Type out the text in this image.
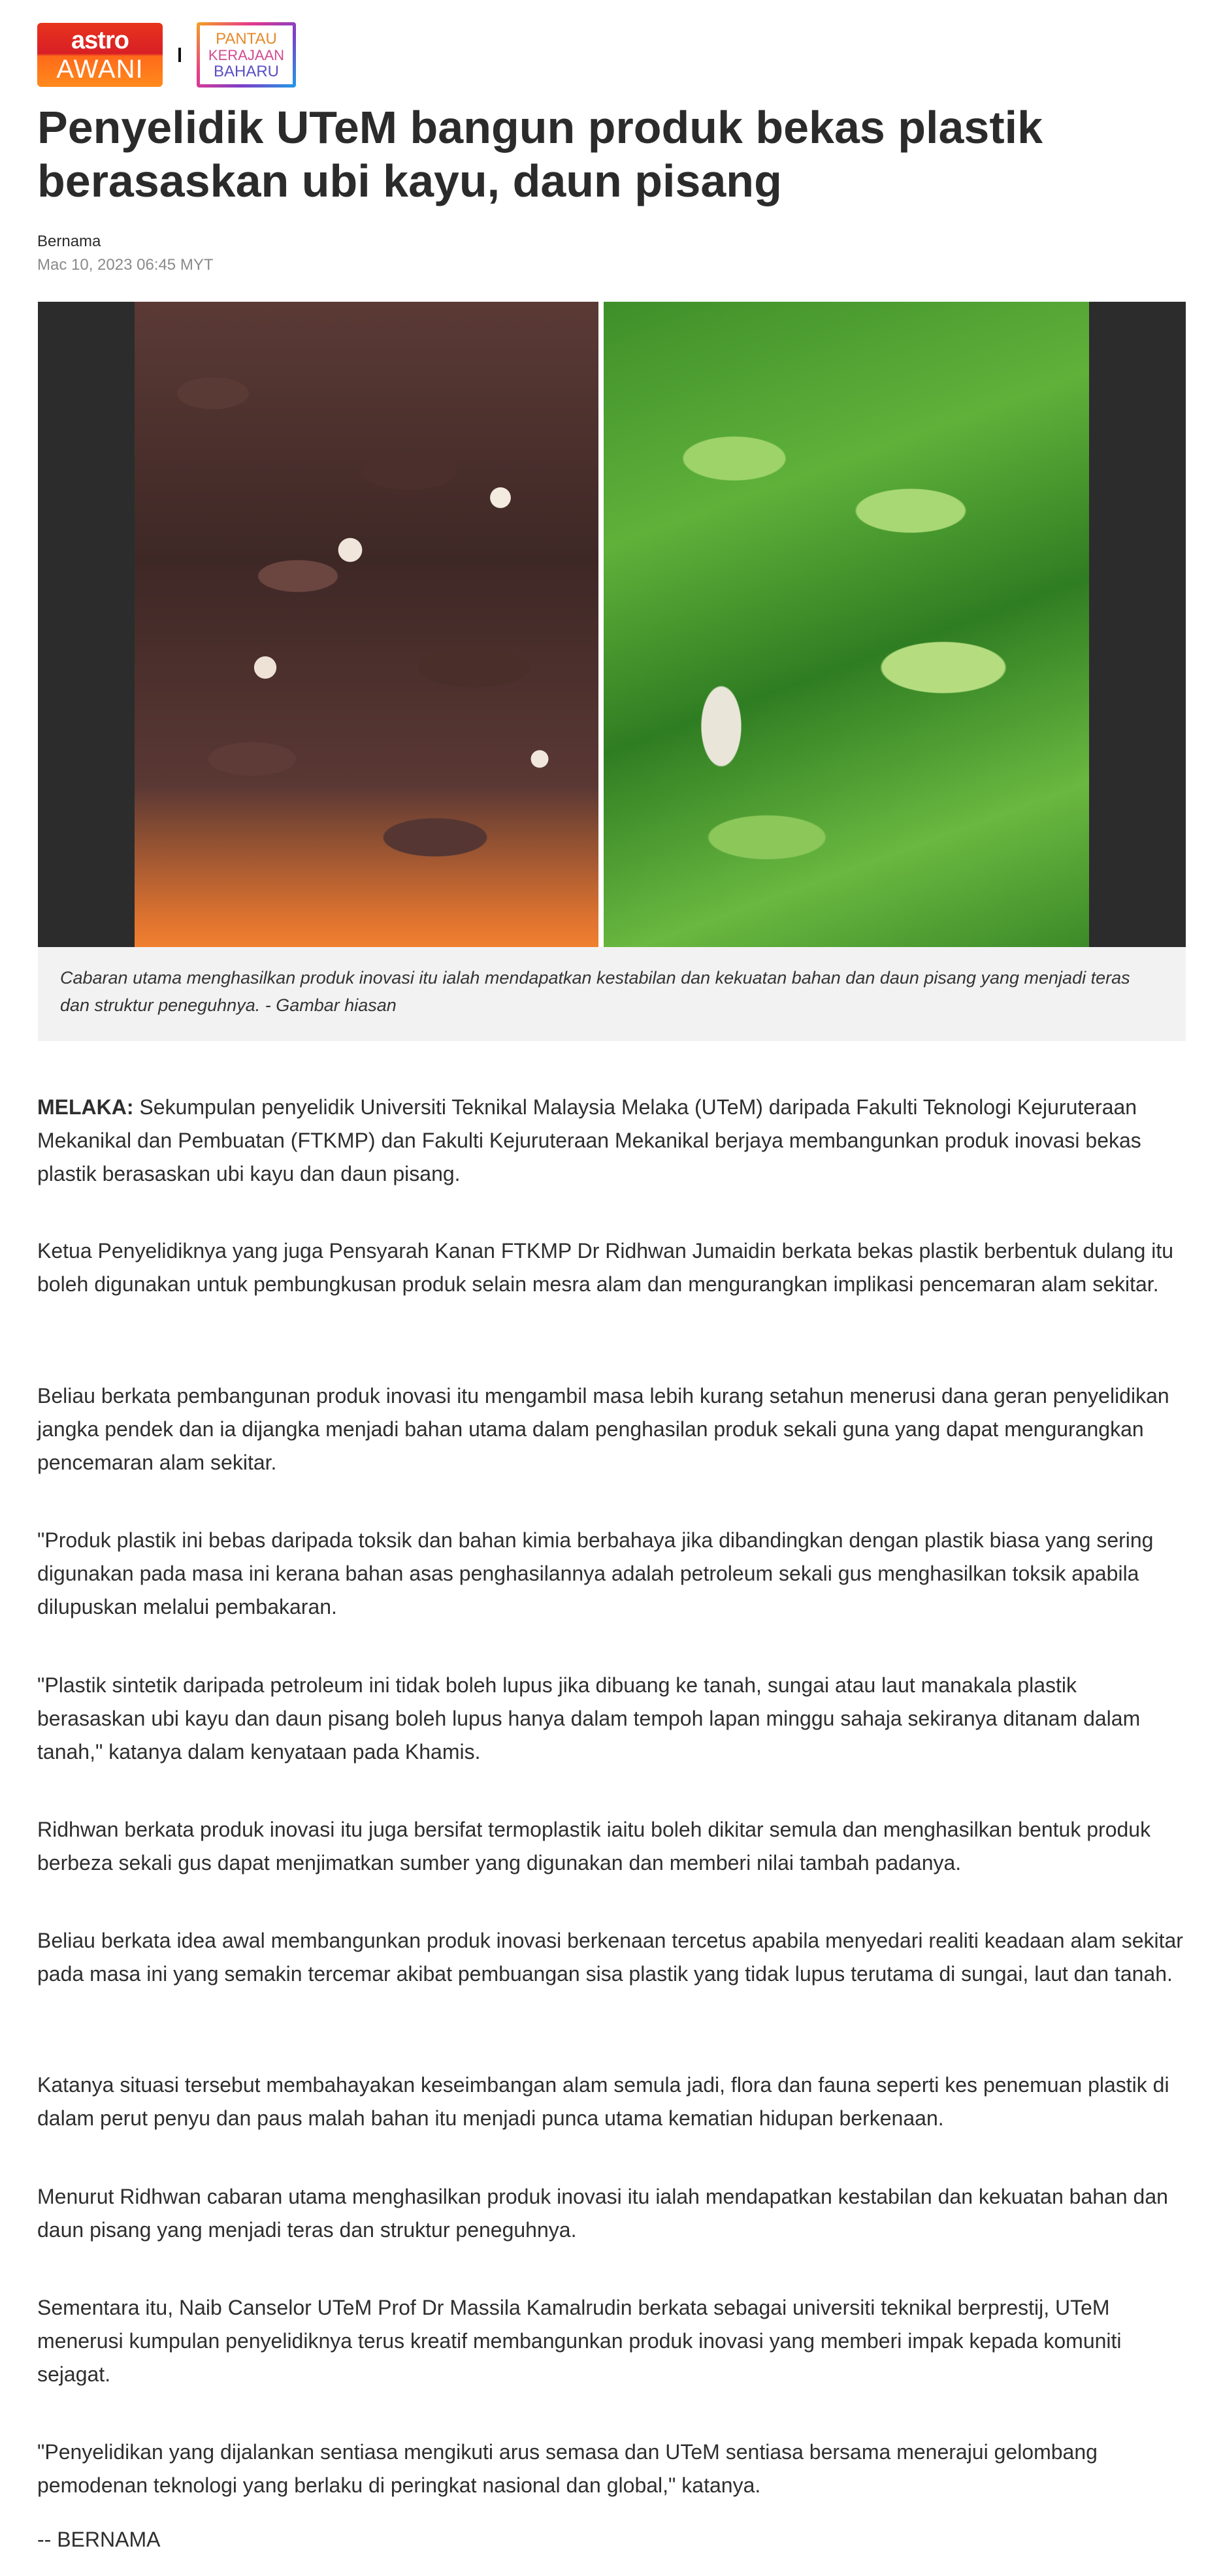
astro
AWANI
PANTAU
KERAJAAN
BAHARU
Penyelidik UTeM bangun produk bekas plastik berasaskan ubi kayu, daun pisang
Bernama
Mac 10, 2023 06:45 MYT
Cabaran utama menghasilkan produk inovasi itu ialah mendapatkan kestabilan dan kekuatan bahan dan daun pisang yang menjadi teras dan struktur peneguhnya. - Gambar hiasan

MELAKA: Sekumpulan penyelidik Universiti Teknikal Malaysia Melaka (UTeM) daripada Fakulti Teknologi Kejuruteraan Mekanikal dan Pembuatan (FTKMP) dan Fakulti Kejuruteraan Mekanikal berjaya membangunkan produk inovasi bekas plastik berasaskan ubi kayu dan daun pisang.

Ketua Penyelidiknya yang juga Pensyarah Kanan FTKMP Dr Ridhwan Jumaidin berkata bekas plastik berbentuk dulang itu boleh digunakan untuk pembungkusan produk selain mesra alam dan mengurangkan implikasi pencemaran alam sekitar.

Beliau berkata pembangunan produk inovasi itu mengambil masa lebih kurang setahun menerusi dana geran penyelidikan jangka pendek dan ia dijangka menjadi bahan utama dalam penghasilan produk sekali guna yang dapat mengurangkan pencemaran alam sekitar.

"Produk plastik ini bebas daripada toksik dan bahan kimia berbahaya jika dibandingkan dengan plastik biasa yang sering digunakan pada masa ini kerana bahan asas penghasilannya adalah petroleum sekali gus menghasilkan toksik apabila dilupuskan melalui pembakaran.

"Plastik sintetik daripada petroleum ini tidak boleh lupus jika dibuang ke tanah, sungai atau laut manakala plastik berasaskan ubi kayu dan daun pisang boleh lupus hanya dalam tempoh lapan minggu sahaja sekiranya ditanam dalam tanah," katanya dalam kenyataan pada Khamis.

Ridhwan berkata produk inovasi itu juga bersifat termoplastik iaitu boleh dikitar semula dan menghasilkan bentuk produk berbeza sekali gus dapat menjimatkan sumber yang digunakan dan memberi nilai tambah padanya.

Beliau berkata idea awal membangunkan produk inovasi berkenaan tercetus apabila menyedari realiti keadaan alam sekitar pada masa ini yang semakin tercemar akibat pembuangan sisa plastik yang tidak lupus terutama di sungai, laut dan tanah.

Katanya situasi tersebut membahayakan keseimbangan alam semula jadi, flora dan fauna seperti kes penemuan plastik di dalam perut penyu dan paus malah bahan itu menjadi punca utama kematian hidupan berkenaan.

Menurut Ridhwan cabaran utama menghasilkan produk inovasi itu ialah mendapatkan kestabilan dan kekuatan bahan dan daun pisang yang menjadi teras dan struktur peneguhnya.

Sementara itu, Naib Canselor UTeM Prof Dr Massila Kamalrudin berkata sebagai universiti teknikal berprestij, UTeM menerusi kumpulan penyelidiknya terus kreatif membangunkan produk inovasi yang memberi impak kepada komuniti sejagat.

"Penyelidikan yang dijalankan sentiasa mengikuti arus semasa dan UTeM sentiasa bersama menerajui gelombang pemodenan teknologi yang berlaku di peringkat nasional dan global," katanya.

-- BERNAMA
